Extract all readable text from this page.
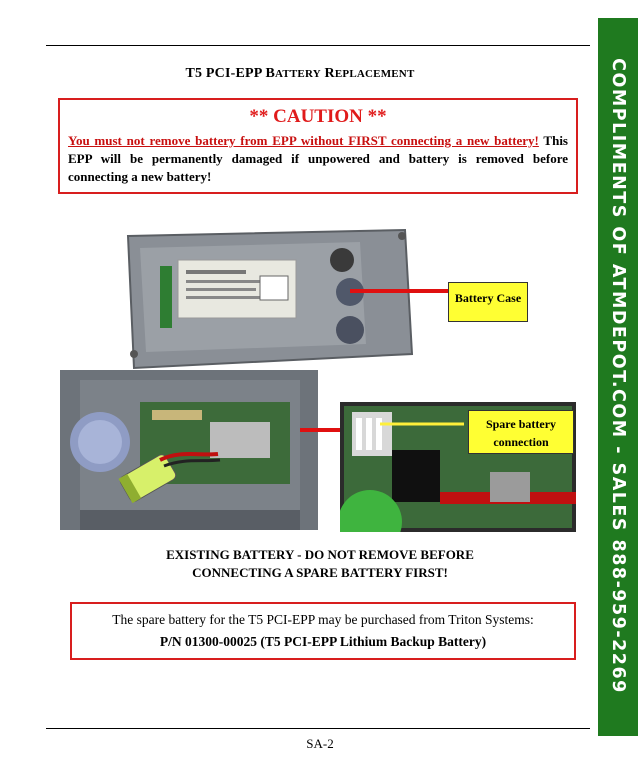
T5 PCI-EPP BATTERY REPLACEMENT
** CAUTION **
You must not remove battery from EPP without FIRST connecting a new battery! This EPP will be permanently damaged if unpowered and battery is removed before connecting a new battery!
Battery Case
Spare battery
connection
EXISTING BATTERY - DO NOT REMOVE BEFORE
CONNECTING A SPARE BATTERY FIRST!
The spare battery for the T5 PCI-EPP may be purchased from Triton Systems:
P/N 01300-00025 (T5 PCI-EPP Lithium Backup Battery)
SA-2
COMPLIMENTS OF ATMDEPOT.COM - SALES 888-959-2269
